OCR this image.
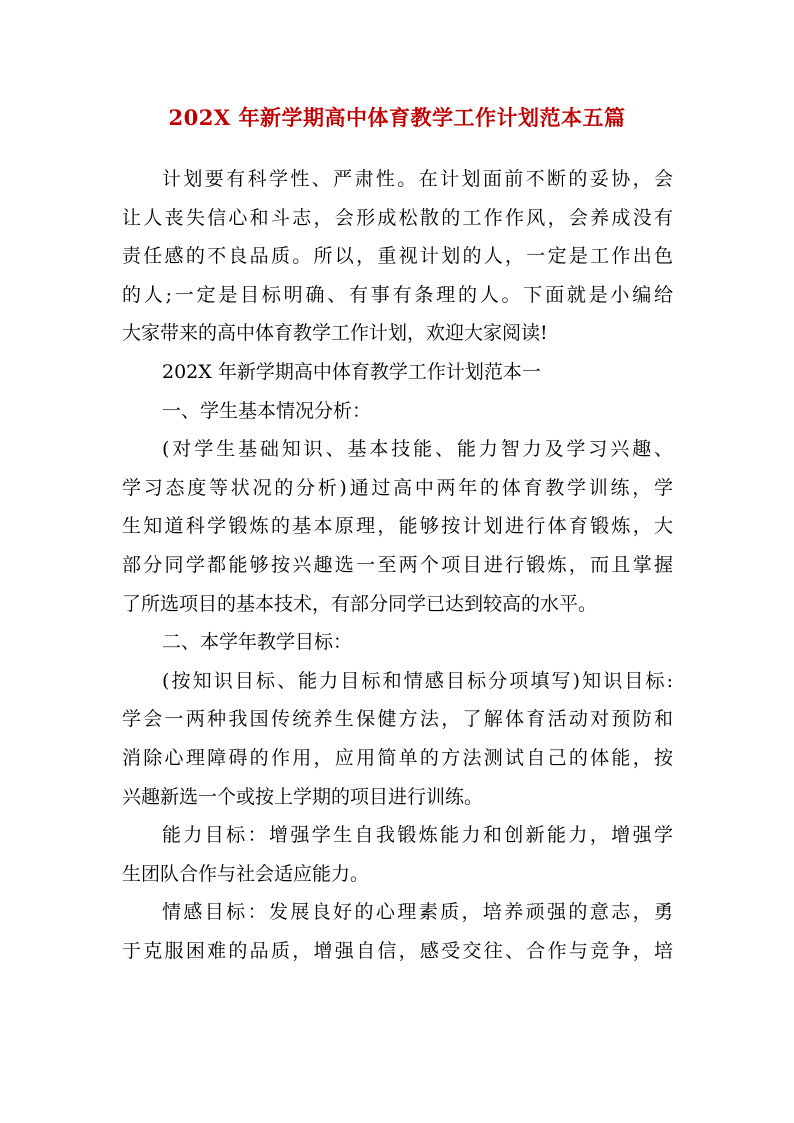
202X 年新学期高中体育教学工作计划范本五篇
计划要有科学性、严肃性。在计划面前不断的妥协，会
让人丧失信心和斗志，会形成松散的工作作风，会养成没有
责任感的不良品质。所以，重视计划的人，一定是工作出色
的人;一定是目标明确、有事有条理的人。下面就是小编给
大家带来的高中体育教学工作计划，欢迎大家阅读!
202X 年新学期高中体育教学工作计划范本一
一、学生基本情况分析：
(对学生基础知识、基本技能、能力智力及学习兴趣、
学习态度等状况的分析)通过高中两年的体育教学训练，学
生知道科学锻炼的基本原理，能够按计划进行体育锻炼，大
部分同学都能够按兴趣选一至两个项目进行锻炼，而且掌握
了所选项目的基本技术，有部分同学已达到较高的水平。
二、本学年教学目标：
(按知识目标、能力目标和情感目标分项填写)知识目标:
学会一两种我国传统养生保健方法，了解体育活动对预防和
消除心理障碍的作用，应用简单的方法测试自己的体能，按
兴趣新选一个或按上学期的项目进行训练。
能力目标：增强学生自我锻炼能力和创新能力，增强学
生团队合作与社会适应能力。
情感目标：发展良好的心理素质，培养顽强的意志，勇
于克服困难的品质，增强自信，感受交往、合作与竞争，培
